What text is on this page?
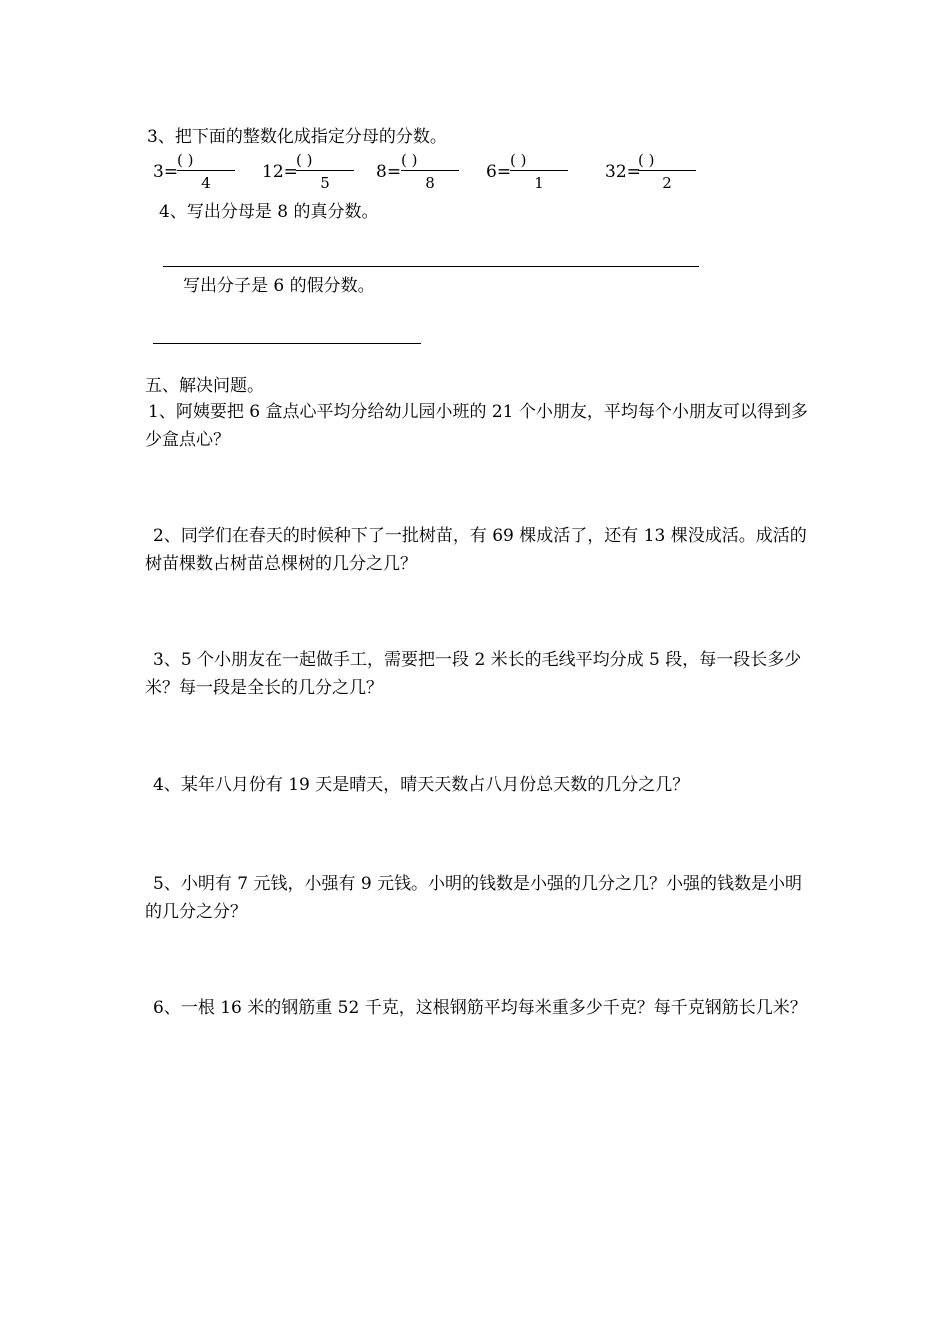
3、把下面的整数化成指定分母的分数。
3=
( )
4
12=
( )
5
8=
( )
8
6=
( )
1
32=
( )
2
4、写出分母是 8 的真分数。
写出分子是 6 的假分数。
五、解决问题。
1、阿姨要把 6 盒点心平均分给幼儿园小班的 21 个小朋友，平均每个小朋友可以得到多少盒点心？
2、同学们在春天的时候种下了一批树苗，有 69 棵成活了，还有 13 棵没成活。成活的树苗棵数占树苗总棵树的几分之几？
3、5 个小朋友在一起做手工，需要把一段 2 米长的毛线平均分成 5 段，每一段长多少米？每一段是全长的几分之几？
4、某年八月份有 19 天是晴天，晴天天数占八月份总天数的几分之几？
5、小明有 7 元钱，小强有 9 元钱。小明的钱数是小强的几分之几？小强的钱数是小明的几分之分？
6、一根 16 米的钢筋重 52 千克，这根钢筋平均每米重多少千克？每千克钢筋长几米？
